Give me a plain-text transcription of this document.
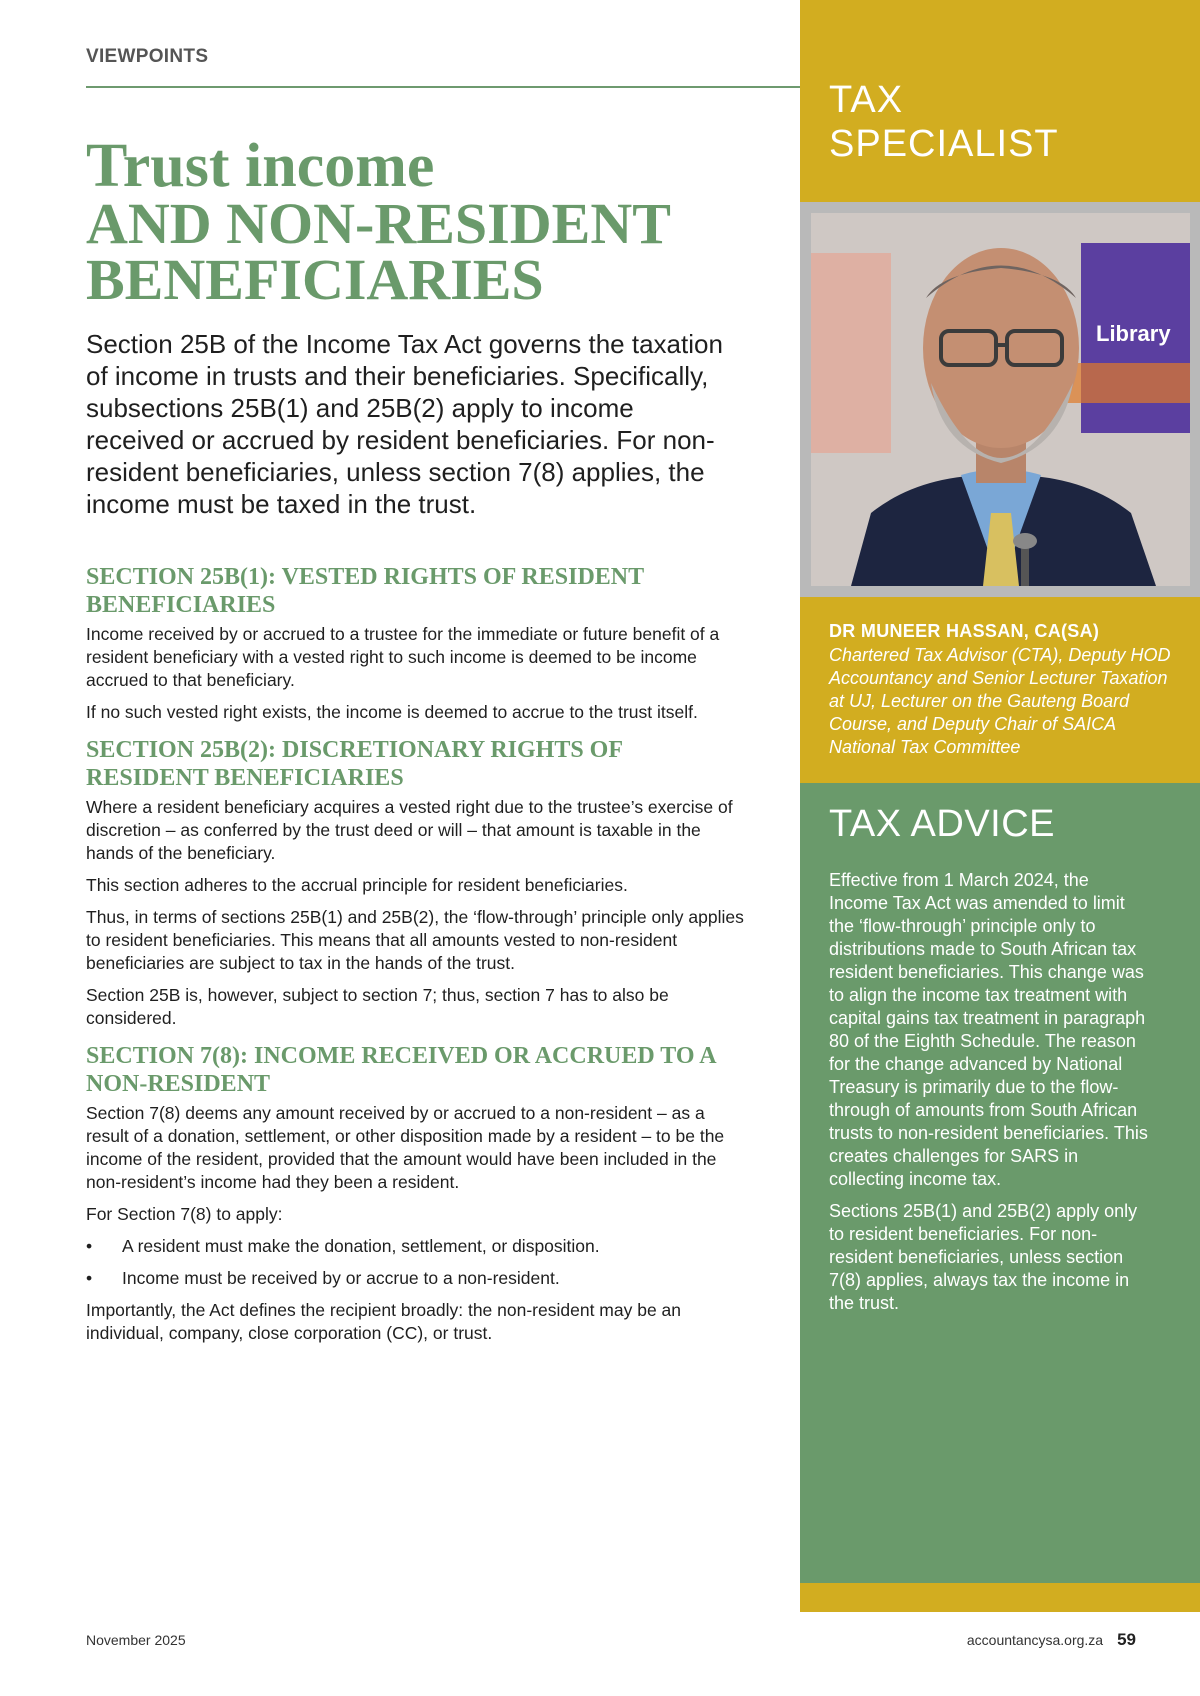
VIEWPOINTS
Trust income
AND NON-RESIDENT
BENEFICIARIES

Section 25B of the Income Tax Act governs the taxation of income in trusts and their beneficiaries. Specifically, subsections 25B(1) and 25B(2) apply to income received or accrued by resident beneficiaries. For non-resident beneficiaries, unless section 7(8) applies, the income must be taxed in the trust.

SECTION 25B(1): VESTED RIGHTS OF RESIDENT BENEFICIARIES

Income received by or accrued to a trustee for the immediate or future benefit of a resident beneficiary with a vested right to such income is deemed to be income accrued to that beneficiary.

If no such vested right exists, the income is deemed to accrue to the trust itself.

SECTION 25B(2): DISCRETIONARY RIGHTS OF RESIDENT BENEFICIARIES

Where a resident beneficiary acquires a vested right due to the trustee’s exercise of discretion – as conferred by the trust deed or will – that amount is taxable in the hands of the beneficiary.

This section adheres to the accrual principle for resident beneficiaries.

Thus, in terms of sections 25B(1) and 25B(2), the ‘flow-through’ principle only applies to resident beneficiaries. This means that all amounts vested to non-resident beneficiaries are subject to tax in the hands of the trust.

Section 25B is, however, subject to section 7; thus, section 7 has to also be considered.

SECTION 7(8): INCOME RECEIVED OR ACCRUED TO A NON-RESIDENT

Section 7(8) deems any amount received by or accrued to a non-resident – as a result of a donation, settlement, or other disposition made by a resident – to be the income of the resident, provided that the amount would have been included in the non-resident’s income had they been a resident.

For Section 7(8) to apply:

• A resident must make the donation, settlement, or disposition.
• Income must be received by or accrue to a non-resident.

Importantly, the Act defines the recipient broadly: the non-resident may be an individual, company, close corporation (CC), or trust.

TAX
SPECIALIST
Library
DR MUNEER HASSAN, CA(SA)
Chartered Tax Advisor (CTA), Deputy HOD Accountancy and Senior Lecturer Taxation at UJ, Lecturer on the Gauteng Board Course, and Deputy Chair of SAICA National Tax Committee
TAX ADVICE

Effective from 1 March 2024, the Income Tax Act was amended to limit the ‘flow-through’ principle only to distributions made to South African tax resident beneficiaries. This change was to align the income tax treatment with capital gains tax treatment in paragraph 80 of the Eighth Schedule. The reason for the change advanced by National Treasury is primarily due to the flow-through of amounts from South African trusts to non-resident beneficiaries. This creates challenges for SARS in collecting income tax.

Sections 25B(1) and 25B(2) apply only to resident beneficiaries. For non-resident beneficiaries, unless section 7(8) applies, always tax the income in the trust.

November 2025	accountancysa.org.za 59
